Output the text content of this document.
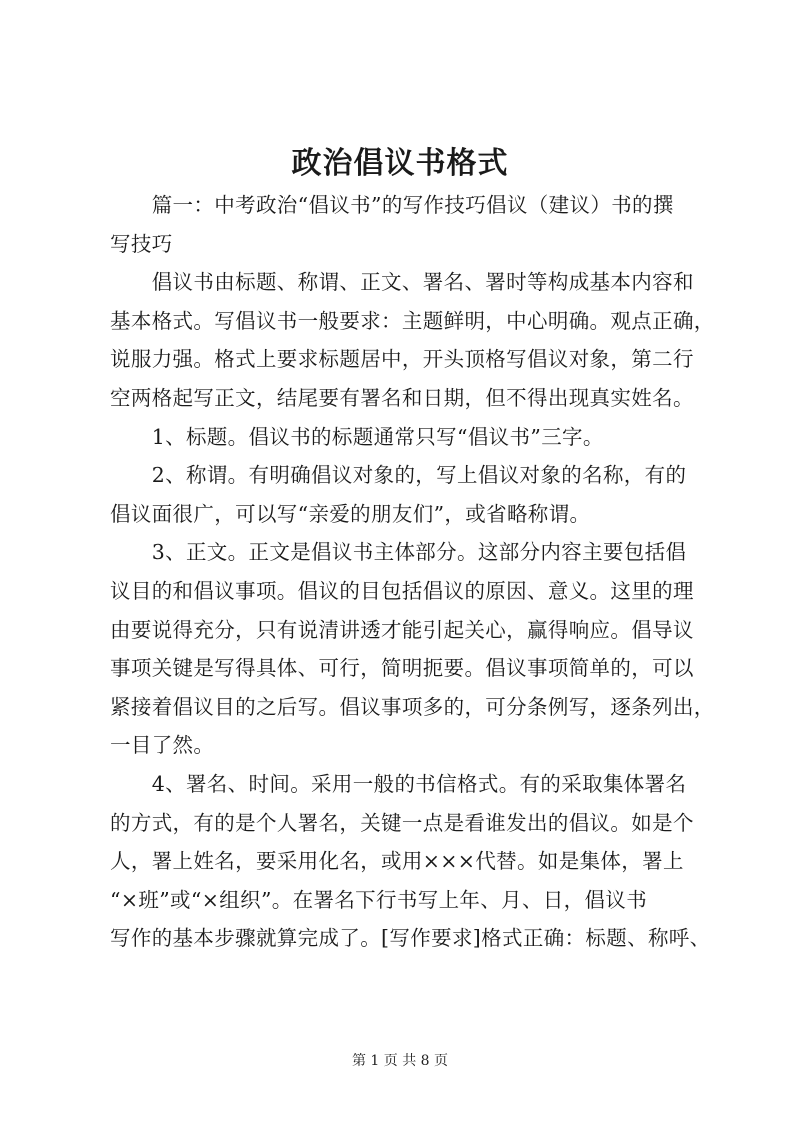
政治倡议书格式
　　篇一：中考政治“倡议书”的写作技巧倡议（建议）书的撰
写技巧
　　倡议书由标题、称谓、正文、署名、署时等构成基本内容和
基本格式。写倡议书一般要求：主题鲜明，中心明确。观点正确，
说服力强。格式上要求标题居中，开头顶格写倡议对象，第二行
空两格起写正文，结尾要有署名和日期，但不得出现真实姓名。
　　1、标题。倡议书的标题通常只写“倡议书”三字。
　　2、称谓。有明确倡议对象的，写上倡议对象的名称，有的
倡议面很广，可以写“亲爱的朋友们”，或省略称谓。
　　3、正文。正文是倡议书主体部分。这部分内容主要包括倡
议目的和倡议事项。倡议的目包括倡议的原因、意义。这里的理
由要说得充分，只有说清讲透才能引起关心，赢得响应。倡导议
事项关键是写得具体、可行，简明扼要。倡议事项简单的，可以
紧接着倡议目的之后写。倡议事项多的，可分条例写，逐条列出，
一目了然。
　　4、署名、时间。采用一般的书信格式。有的采取集体署名
的方式，有的是个人署名，关键一点是看谁发出的倡议。如是个
人，署上姓名，要采用化名，或用×××代替。如是集体，署上
“×班”或“×组织”。在署名下行书写上年、月、日，倡议书
写作的基本步骤就算完成了。[写作要求]格式正确：标题、称呼、
第 1 页 共 8 页
